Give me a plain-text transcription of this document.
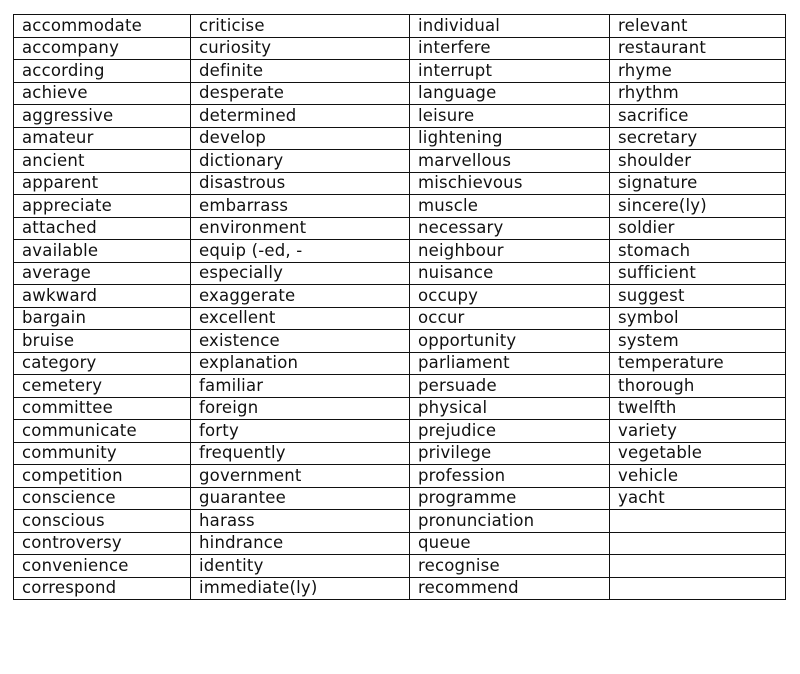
accommodate	criticise	individual	relevant
accompany	curiosity	interfere	restaurant
according	definite	interrupt	rhyme
achieve	desperate	language	rhythm
aggressive	determined	leisure	sacrifice
amateur	develop	lightening	secretary
ancient	dictionary	marvellous	shoulder
apparent	disastrous	mischievous	signature
appreciate	embarrass	muscle	sincere(ly)
attached	environment	necessary	soldier
available	equip (-ed, -	neighbour	stomach
average	especially	nuisance	sufficient
awkward	exaggerate	occupy	suggest
bargain	excellent	occur	symbol
bruise	existence	opportunity	system
category	explanation	parliament	temperature
cemetery	familiar	persuade	thorough
committee	foreign	physical	twelfth
communicate	forty	prejudice	variety
community	frequently	privilege	vegetable
competition	government	profession	vehicle
conscience	guarantee	programme	yacht
conscious	harass	pronunciation	
controversy	hindrance	queue	
convenience	identity	recognise	
correspond	immediate(ly)	recommend	
